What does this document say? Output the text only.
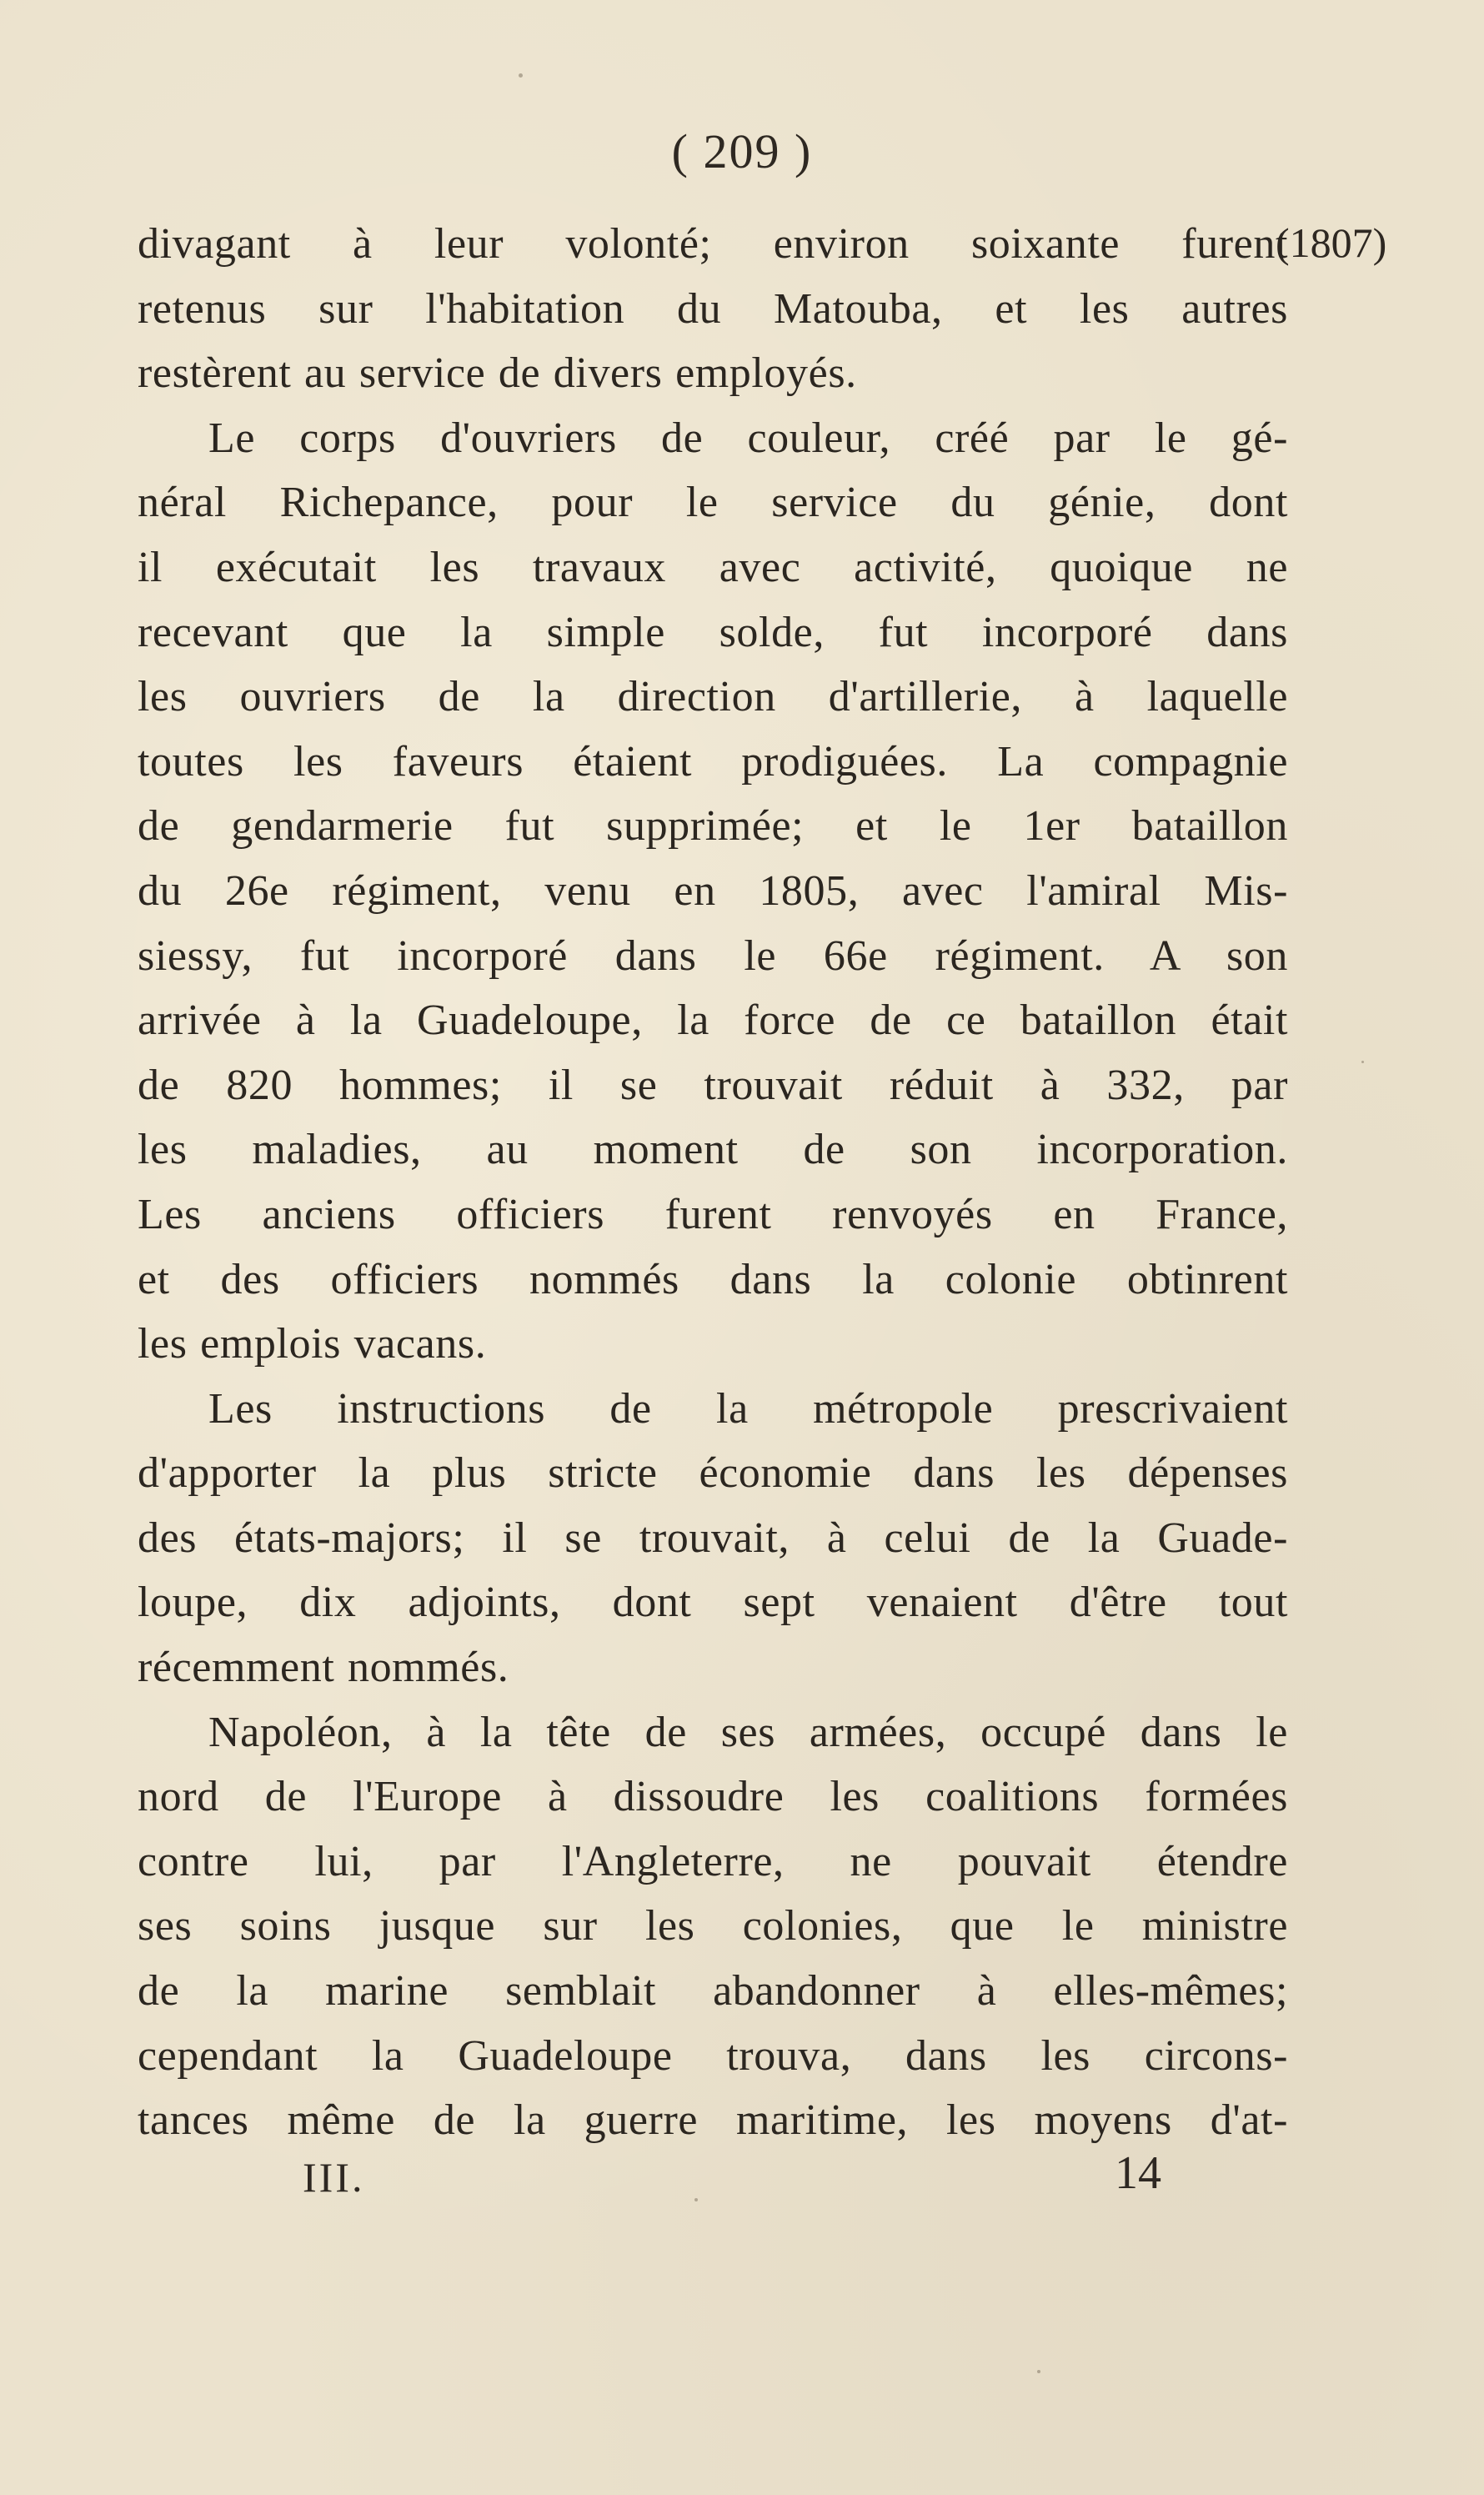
( 209 )
(1807)
divagant à leur volonté; environ soixante furent
retenus sur l'habitation du Matouba, et les autres
restèrent au service de divers employés.
Le corps d'ouvriers de couleur, créé par le gé-
néral Richepance, pour le service du génie, dont
il exécutait les travaux avec activité, quoique ne
recevant que la simple solde, fut incorporé dans
les ouvriers de la direction d'artillerie, à laquelle
toutes les faveurs étaient prodiguées. La compagnie
de gendarmerie fut supprimée; et le 1er bataillon
du 26e régiment, venu en 1805, avec l'amiral Mis-
siessy, fut incorporé dans le 66e régiment. A son
arrivée à la Guadeloupe, la force de ce bataillon était
de 820 hommes; il se trouvait réduit à 332, par
les maladies, au moment de son incorporation.
Les anciens officiers furent renvoyés en France,
et des officiers nommés dans la colonie obtinrent
les emplois vacans.
Les instructions de la métropole prescrivaient
d'apporter la plus stricte économie dans les dépenses
des états-majors; il se trouvait, à celui de la Guade-
loupe, dix adjoints, dont sept venaient d'être tout
récemment nommés.
Napoléon, à la tête de ses armées, occupé dans le
nord de l'Europe à dissoudre les coalitions formées
contre lui, par l'Angleterre, ne pouvait étendre
ses soins jusque sur les colonies, que le ministre
de la marine semblait abandonner à elles-mêmes;
cependant la Guadeloupe trouva, dans les circons-
tances même de la guerre maritime, les moyens d'at-
III.	14
